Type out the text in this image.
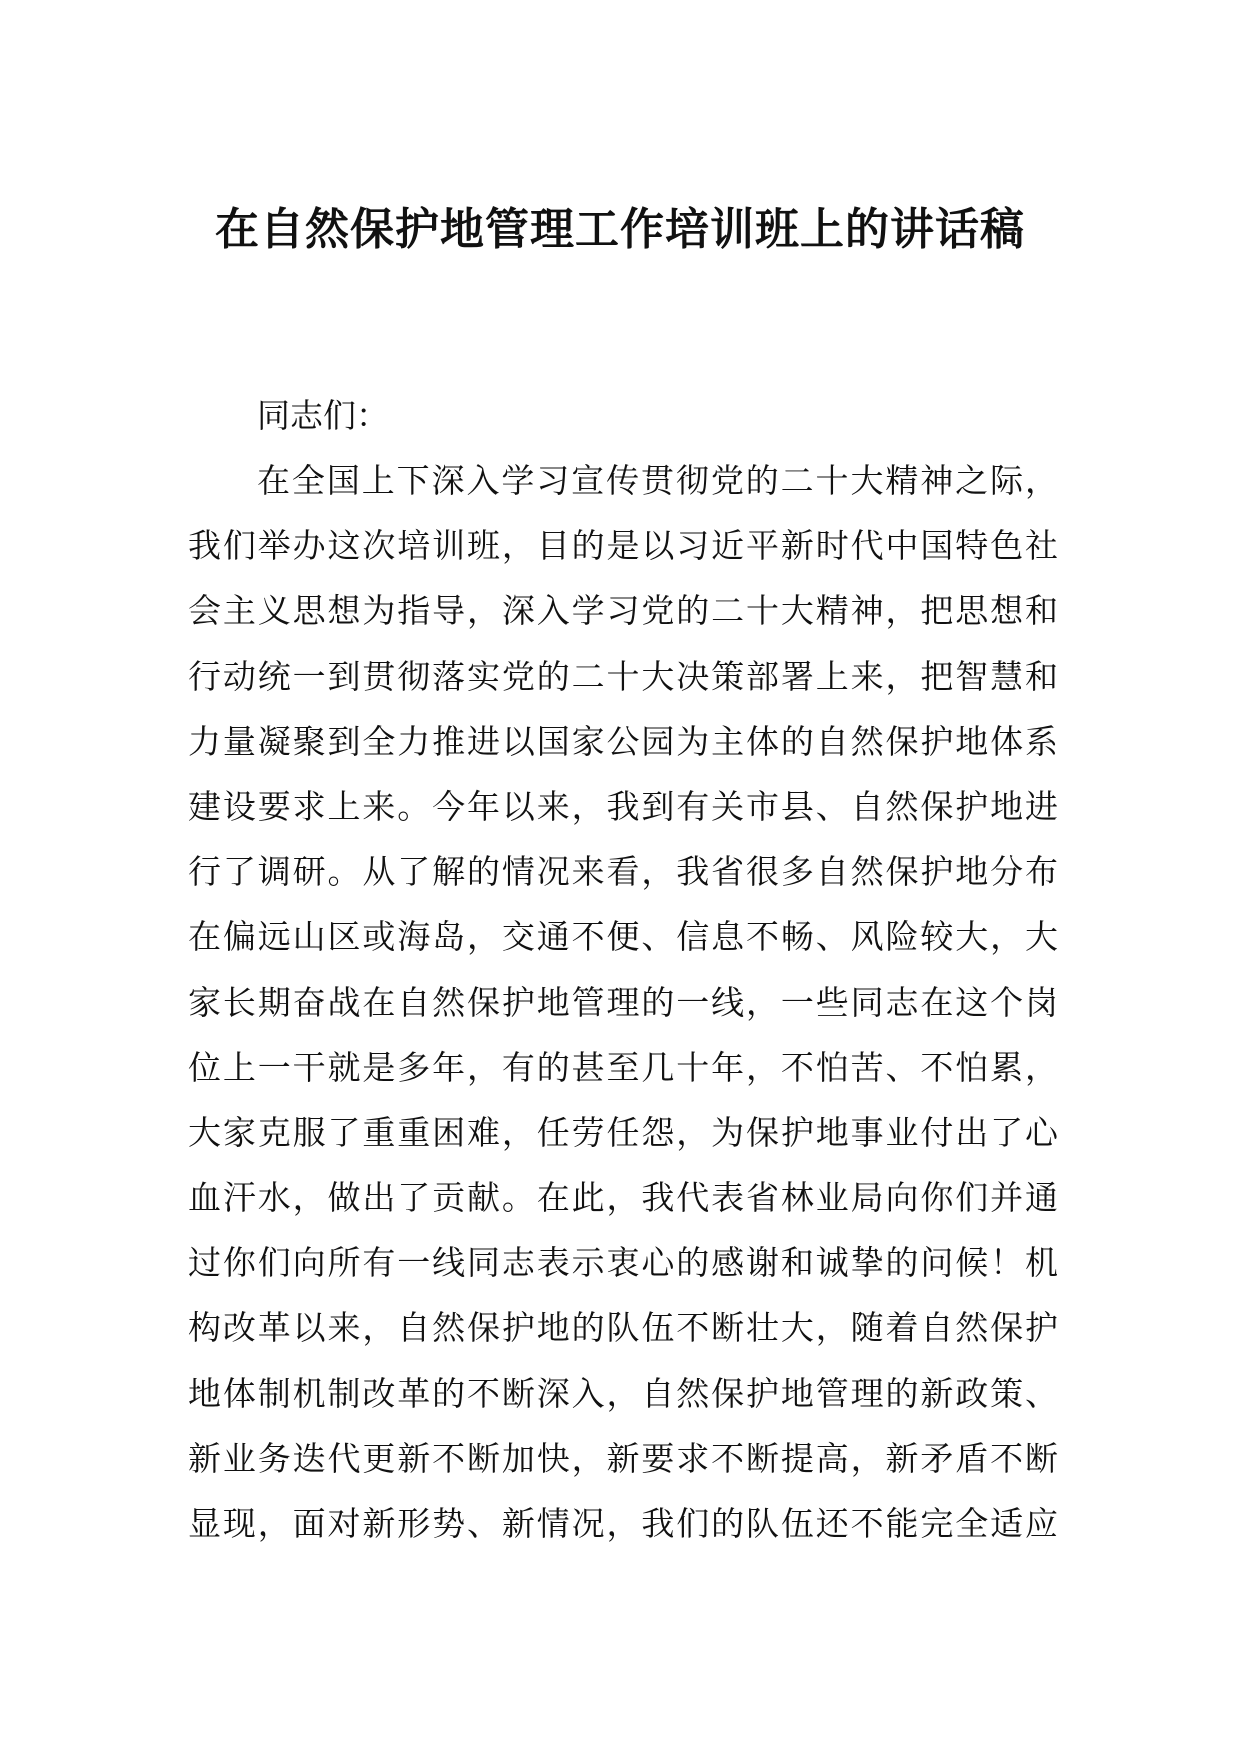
在自然保护地管理工作培训班上的讲话稿

同志们：

在全国上下深入学习宣传贯彻党的二十大精神之际，
我们举办这次培训班，目的是以习近平新时代中国特色社
会主义思想为指导，深入学习党的二十大精神，把思想和
行动统一到贯彻落实党的二十大决策部署上来，把智慧和
力量凝聚到全力推进以国家公园为主体的自然保护地体系
建设要求上来。今年以来，我到有关市县、自然保护地进
行了调研。从了解的情况来看，我省很多自然保护地分布
在偏远山区或海岛，交通不便、信息不畅、风险较大，大
家长期奋战在自然保护地管理的一线，一些同志在这个岗
位上一干就是多年，有的甚至几十年，不怕苦、不怕累，
大家克服了重重困难，任劳任怨，为保护地事业付出了心
血汗水，做出了贡献。在此，我代表省林业局向你们并通
过你们向所有一线同志表示衷心的感谢和诚挚的问候！机
构改革以来，自然保护地的队伍不断壮大，随着自然保护
地体制机制改革的不断深入，自然保护地管理的新政策、
新业务迭代更新不断加快，新要求不断提高，新矛盾不断
显现，面对新形势、新情况，我们的队伍还不能完全适应
